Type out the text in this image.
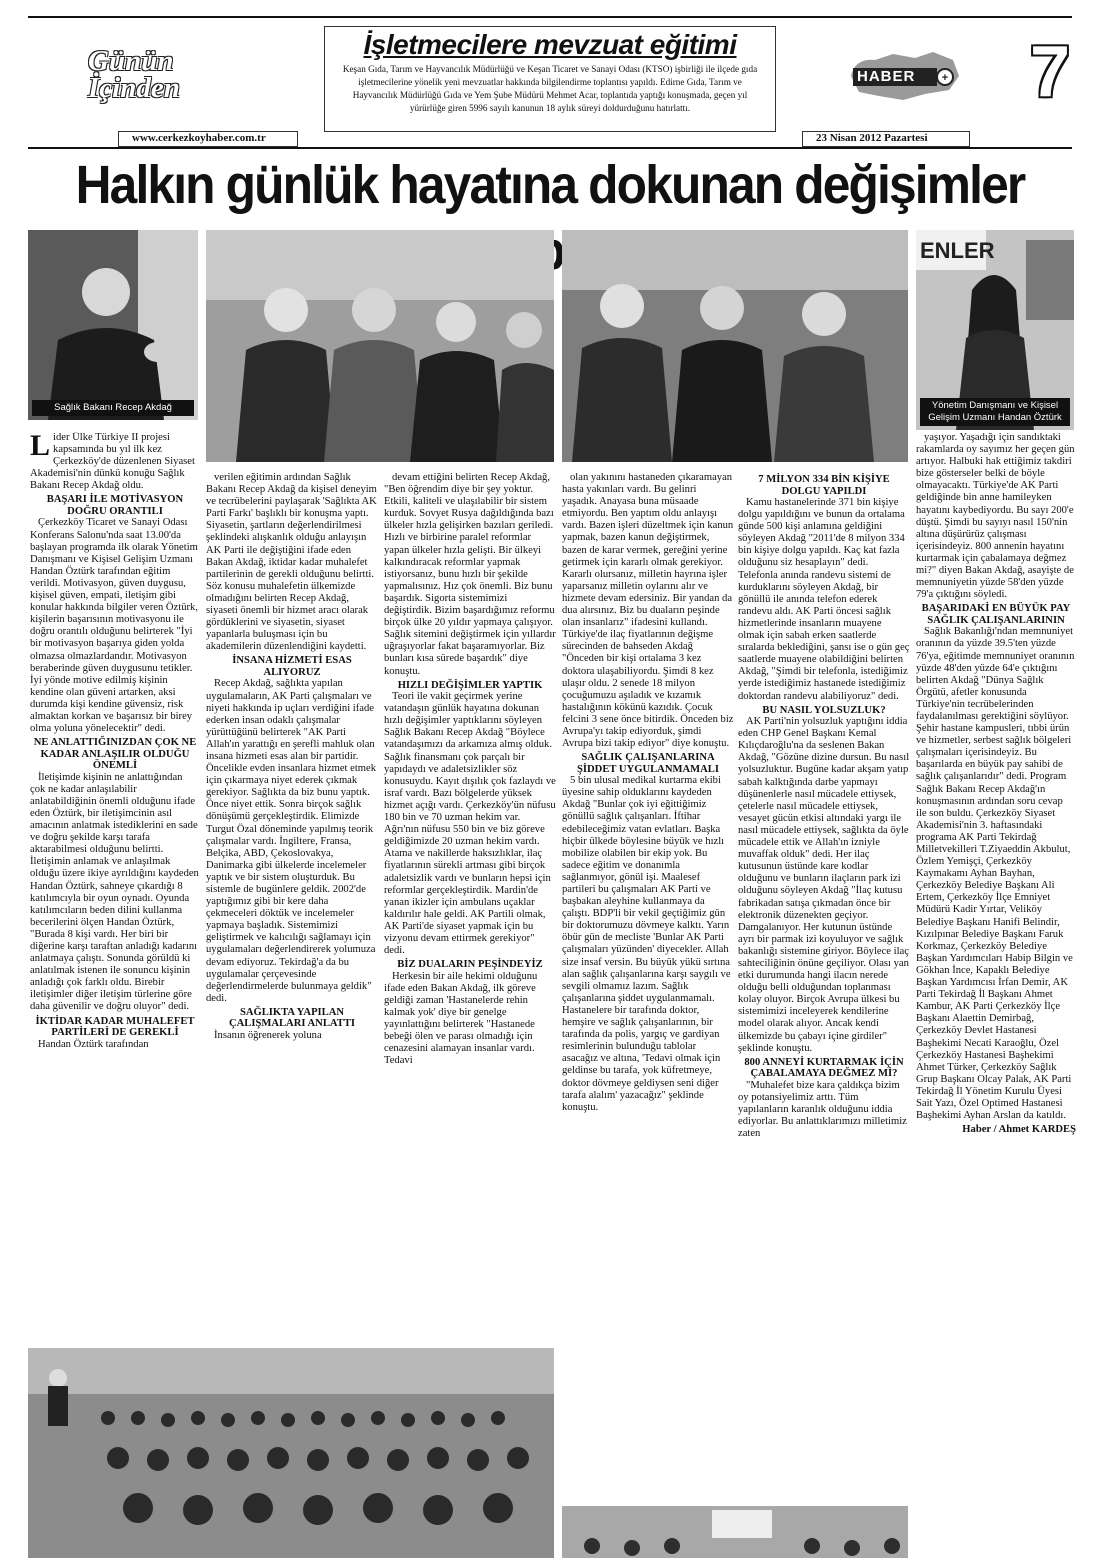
Günün
İçinden
İşletmecilere mevzuat eğitimi
Keşan Gıda, Tarım ve Hayvancılık Müdürlüğü ve Keşan Ticaret ve Sanayi Odası (KTSO) işbirliği ile ilçede gıda işletmecilerine yönelik yeni mevzuatlar hakkında bilgilendirme toplantısı yapıldı. Edirne Gıda, Tarım ve Hayvancılık Müdürlüğü Gıda ve Yem Şube Müdürü Mehmet Acar, toplantıda yaptığı konuşmada, geçen yıl yürürlüğe giren 5996 sayılı kanunun 18 aylık süreyi doldurduğunu hatırlattı.
+
HABER 7
www.cerkezkoyhaber.com.tr	23 Nisan 2012 Pazartesi
Halkın günlük hayatına dokunan değişimler
Sağlık Bakanı Recep Akdağ
ENLER
Yönetim Danışmanı ve Kişisel Gelişim Uzmanı Handan Öztürk

Lider Ülke Türkiye II projesi kapsamında bu yıl ilk kez Çerkezköy'de düzenlenen Siyaset Akademisi'nin dünkü konuğu Sağlık Bakanı Recep Akdağ oldu.

BAŞARI İLE MOTİVASYON DOĞRU ORANTILI

Çerkezköy Ticaret ve Sanayi Odası Konferans Salonu'nda saat 13.00'da başlayan programda ilk olarak Yönetim Danışmanı ve Kişisel Gelişim Uzmanı Handan Öztürk tarafından eğitim verildi. Motivasyon, güven duygusu, kişisel güven, empati, iletişim gibi konular hakkında bilgiler veren Öztürk, kişilerin başarısının motivasyonu ile doğru orantılı olduğunu belirterek "İyi bir motivasyon başarıya giden yolda olmazsa olmazlardandır. Motivasyon beraberinde güven duygusunu tetikler. İyi yönde motive edilmiş kişinin kendine olan güveni artarken, aksi durumda kişi kendine güvensiz, risk almaktan korkan ve başarısız bir birey olma yoluna yönelecektir" dedi.

NE ANLATTIĞINIZDAN ÇOK NE KADAR ANLAŞILIR OLDUĞU ÖNEMLİ

İletişimde kişinin ne anlattığından çok ne kadar anlaşılabilir anlatabildiğinin önemli olduğunu ifade eden Öztürk, bir iletişimcinin asıl amacının anlatmak istediklerini en sade ve doğru şekilde karşı tarafa aktarabilmesi olduğunu belirtti. İletişimin anlamak ve anlaşılmak olduğu üzere ikiye ayrıldığını kaydeden Handan Öztürk, sahneye çıkardığı 8 katılımcıyla bir oyun oynadı. Oyunda katılımcıların beden dilini kullanma becerilerini ölçen Handan Öztürk, "Burada 8 kişi vardı. Her biri bir diğerine karşı taraftan anladığı kadarını anlatmaya çalıştı. Sonunda görüldü ki anlatılmak istenen ile sonuncu kişinin anladığı çok farklı oldu. Birebir iletişimler diğer iletişim türlerine göre daha güvenilir ve doğru oluyor" dedi.

İKTİDAR KADAR MUHALEFET PARTİLERİ DE GEREKLİ

Handan Öztürk tarafından

verilen eğitimin ardından Sağlık Bakanı Recep Akdağ da kişisel deneyim ve tecrübelerini paylaşarak 'Sağlıkta AK Parti Farkı' başlıklı bir konuşma yaptı. Siyasetin, şartların değerlendirilmesi şeklindeki alışkanlık olduğu anlayışın AK Parti ile değiştiğini ifade eden Bakan Akdağ, iktidar kadar muhalefet partilerinin de gerekli olduğunu belirtti. Söz konusu muhalefetin ülkemizde olmadığını belirten Recep Akdağ, siyaseti önemli bir hizmet aracı olarak gördüklerini ve siyasetin, siyaset yapanlarla buluşması için bu akademilerin düzenlendiğini kaydetti.

İNSANA HİZMETİ ESAS ALIYORUZ

Recep Akdağ, sağlıkta yapılan uygulamaların, AK Parti çalışmaları ve niyeti hakkında ip uçları verdiğini ifade ederken insan odaklı çalışmalar yürüttüğünü belirterek "AK Parti Allah'ın yarattığı en şerefli mahluk olan insana hizmeti esas alan bir partidir. Öncelikle evden insanlara hizmet etmek için çıkarmaya niyet ederek çıkmak gerekiyor. Sağlıkta da biz bunu yaptık. Önce niyet ettik. Sonra birçok sağlık dönüşümü gerçekleştirdik. Elimizde Turgut Özal döneminde yapılmış teorik çalışmalar vardı. İngiltere, Fransa, Belçika, ABD, Çekoslovakya, Danimarka gibi ülkelerde incelemeler yaptık ve bir sistem oluşturduk. Bu sistemle de bugünlere geldik. 2002'de yaptığımız gibi bir kere daha çekmeceleri döktük ve incelemeler yapmaya başladık. Sistemimizi geliştirmek ve kalıcılığı sağlamayı için uygulamaları değerlendirerek yolumuza devam ediyoruz. Tekirdağ'a da bu uygulamalar çerçevesinde değerlendirmelerde bulunmaya geldik" dedi.

SAĞLIKTA YAPILAN ÇALIŞMALARI ANLATTI

İnsanın öğrenerek yoluna

devam ettiğini belirten Recep Akdağ, "Ben öğrendim diye bir şey yoktur. Etkili, kaliteli ve ulaşılabilir bir sistem kurduk. Sovyet Rusya dağıldığında bazı ülkeler hızla gelişirken bazıları geriledi. Hızlı ve birbirine paralel reformlar yapan ülkeler hızla gelişti. Bir ülkeyi kalkındıracak reformlar yapmak istiyorsanız, bunu hızlı bir şekilde yapmalısınız. Hız çok önemli. Biz bunu başardık. Sigorta sistemimizi değiştirdik. Bizim başardığımız reformu birçok ülke 20 yıldır yapmaya çalışıyor. Sağlık sitemini değiştirmek için yıllardır uğraşıyorlar fakat başaramıyorlar. Biz bunları kısa sürede başardık" diye konuştu.

HIZLI DEĞİŞİMLER YAPTIK

Teori ile vakit geçirmek yerine vatandaşın günlük hayatına dokunan hızlı değişimler yaptıklarını söyleyen Sağlık Bakanı Recep Akdağ "Böylece vatandaşımızı da arkamıza almış olduk. Sağlık finansmanı çok parçalı bir yapıdaydı ve adaletsizlikler söz konusuydu. Kayıt dışılık çok fazlaydı ve israf vardı. Bazı bölgelerde yüksek hizmet açığı vardı. Çerkezköy'ün nüfusu 180 bin ve 70 uzman hekim var. Ağrı'nın nüfusu 550 bin ve biz göreve geldiğimizde 20 uzman hekim vardı. Atama ve nakillerde haksızlıklar, ilaç fiyatlarının sürekli artması gibi birçok adaletsizlik vardı ve bunların hepsi için reformlar gerçekleştirdik. Mardin'de yanan ikizler için ambulans uçaklar kaldırılır hale geldi. AK Partili olmak, AK Parti'de siyaset yapmak için bu vizyonu devam ettirmek gerekiyor" dedi.

BİZ DUALARIN PEŞİNDEYİZ

Herkesin bir aile hekimi olduğunu ifade eden Bakan Akdağ, ilk göreve geldiği zaman 'Hastanelerde rehin kalmak yok' diye bir genelge yayınlattığını belirterek "Hastanede bebeği ölen ve parası olmadığı için cenazesini alamayan insanlar vardı. Tedavi

olan yakınını hastaneden çıkaramayan hasta yakınları vardı. Bu gelinri yaşadık. Anayasa buna müsaade etmiyordu. Ben yaptım oldu anlayışı vardı. Bazen işleri düzeltmek için kanun yapmak, bazen kanun değiştirmek, bazen de karar vermek, gereğini yerine getirmek için kararlı olmak gerekiyor. Kararlı olursanız, milletin hayrına işler yaparsanız milletin oylarını alır ve hizmete devam edersiniz. Bir yandan da dua alırsınız. Biz bu duaların peşinde olan insanlarız" ifadesini kullandı. Türkiye'de ilaç fiyatlarının değişme sürecinden de bahseden Akdağ "Önceden bir kişi ortalama 3 kez doktora ulaşabiliyordu. Şimdi 8 kez ulaşır oldu. 2 senede 18 milyon çocuğumuzu aşıladık ve kızamık hastalığının kökünü kazıdık. Çocuk felcini 3 sene önce bitirdik. Önceden biz Avrupa'yı takip ediyorduk, şimdi Avrupa bizi takip ediyor" diye konuştu.

SAĞLIK ÇALIŞANLARINA ŞİDDET UYGULANMAMALI

5 bin ulusal medikal kurtarma ekibi üyesine sahip olduklarını kaydeden Akdağ "Bunlar çok iyi eğittiğimiz gönüllü sağlık çalışanları. İftihar edebileceğimiz vatan evlatları. Başka hiçbir ülkede böylesine büyük ve hızlı mobilize olabilen bir ekip yok. Bu sadece eğitim ve donanımla sağlanmıyor, gönül işi. Maalesef partileri bu çalışmaları AK Parti ve başbakan aleyhine kullanmaya da çalıştı. BDP'li bir vekil geçtiğimiz gün bir doktorumuzu dövmeye kalktı. Yarın öbür gün de mecliste 'Bunlar AK Parti çalışmaları yüzünden' diyecekler. Allah size insaf versin. Bu büyük yükü sırtına alan sağlık çalışanlarına karşı saygılı ve sevgili olmamız lazım. Sağlık çalışanlarına şiddet uygulanmamalı. Hastanelere bir tarafında doktor, hemşire ve sağlık çalışanlarının, bir tarafında da polis, yargıç ve gardiyan resimlerinin bulunduğu tablolar asacağız ve altına, 'Tedavi olmak için geldinse bu tarafa, yok küfretmeye, doktor dövmeye geldiysen seni diğer tarafa alalım' yazacağız" şeklinde konuştu.

7 MİLYON 334 BİN KİŞİYE DOLGU YAPILDI

Kamu hastanelerinde 371 bin kişiye dolgu yapıldığını ve bunun da ortalama günde 500 kişi anlamına geldiğini söyleyen Akdağ "2011'de 8 milyon 334 bin kişiye dolgu yapıldı. Kaç kat fazla olduğunu siz hesaplayın" dedi. Telefonla anında randevu sistemi de kurduklarını söyleyen Akdağ, bir gönüllü ile anında telefon ederek randevu aldı. AK Parti öncesi sağlık hizmetlerinde insanların muayene olmak için sabah erken saatlerde sıralarda beklediğini, şansı ise o gün geç saatlerde muayene olabildiğini belirten Akdağ, "Şimdi bir telefonla, istediğimiz yerde istediğimiz hastanede istediğimiz doktordan randevu alabiliyoruz" dedi.

BU NASIL YOLSUZLUK?

AK Parti'nin yolsuzluk yaptığını iddia eden CHP Genel Başkanı Kemal Kılıçdaroğlu'na da seslenen Bakan Akdağ, "Gözüne dizine dursun. Bu nasıl yolsuzluktur. Bugüne kadar akşam yatıp sabah kalktığında darbe yapmayı düşünenlerle nasıl mücadele ettiysek, çetelerle nasıl mücadele ettiysek, vesayet gücün etkisi altındaki yargı ile nasıl mücadele ettiysek, sağlıkta da öyle mücadele ettik ve Allah'ın izniyle muvaffak olduk" dedi. Her ilaç kutusunun üstünde kare kodlar olduğunu ve bunların ilaçların park izi olduğunu söyleyen Akdağ "İlaç kutusu fabrikadan satışa çıkmadan önce bir elektronik düzenekten geçiyor. Damgalanıyor. Her kutunun üstünde ayrı bir parmak izi koyuluyor ve sağlık bakanlığı sistemine giriyor. Böylece ilaç sahteciliğinin önüne geçiliyor. Olası yan etki durumunda hangi ilacın nerede olduğu belli olduğundan toplanması kolay oluyor. Birçok Avrupa ülkesi bu sistemimizi inceleyerek kendilerine model olarak alıyor. Ancak kendi ülkemizde bu çabayı içine girdiler" şeklinde konuştu.

800 ANNEYİ KURTARMAK İÇİN ÇABALAMAYA DEĞMEZ Mİ?

"Muhalefet bize kara çaldıkça bizim oy potansiyelimiz arttı. Tüm yapılanların karanlık olduğunu iddia ediyorlar. Bu anlattıklarımızı milletimiz zaten

yaşıyor. Yaşadığı için sandıktaki rakamlarda oy sayımız her geçen gün artıyor. Halbuki hak ettiğimiz takdiri bize gösterseler belki de böyle olmayacaktı. Türkiye'de AK Parti geldiğinde bin anne hamileyken hayatını kaybediyordu. Bu sayı 200'e düştü. Şimdi bu sayıyı nasıl 150'nin altına düşürürüz çalışması içerisindeyiz. 800 annenin hayatını kurtarmak için çabalamaya değmez mi?" diyen Bakan Akdağ, asayişte de memnuniyetin yüzde 58'den yüzde 79'a çıktığını söyledi.

BAŞARIDAKİ EN BÜYÜK PAY SAĞLIK ÇALIŞANLARININ

Sağlık Bakanlığı'ndan memnuniyet oranının da yüzde 39.5'ten yüzde 76'ya, eğitimde memnuniyet oranının yüzde 48'den yüzde 64'e çıktığını belirten Akdağ "Dünya Sağlık Örgütü, afetler konusunda Türkiye'nin tecrübelerinden faydalanılması gerektiğini söylüyor. Şehir hastane kampusleri, tıbbi ürün ve hizmetler, serbest sağlık bölgeleri çalışmaları içerisindeyiz. Bu başarılarda en büyük pay sahibi de sağlık çalışanlarıdır" dedi. Program Sağlık Bakanı Recep Akdağ'ın konuşmasının ardından soru cevap ile son buldu. Çerkezköy Siyaset Akademisi'nin 3. haftasındaki programa AK Parti Tekirdağ Milletvekilleri T.Ziyaeddin Akbulut, Özlem Yemişçi, Çerkezköy Kaymakamı Ayhan Bayhan, Çerkezköy Belediye Başkanı Ali Ertem, Çerkezköy İlçe Emniyet Müdürü Kadir Yırtar, Veliköy Belediye Başkanı Hanifi Belindir, Kızılpınar Belediye Başkanı Faruk Korkmaz, Çerkezköy Belediye Başkan Yardımcıları Habip Bilgin ve Gökhan İnce, Kapaklı Belediye Başkan Yardımcısı İrfan Demir, AK Parti Tekirdağ İl Başkanı Ahmet Kambur, AK Parti Çerkezköy İlçe Başkanı Alaettin Demirbağ, Çerkezköy Devlet Hastanesi Başhekimi Necati Karaoğlu, Özel Çerkezköy Hastanesi Başhekimi Ahmet Türker, Çerkezköy Sağlık Grup Başkanı Olcay Palak, AK Parti Tekirdağ İl Yönetim Kurulu Üyesi Sait Yazı, Özel Optimed Hastanesi Başhekimi Ayhan Arslan da katıldı.

Haber / Ahmet KARDEŞ
